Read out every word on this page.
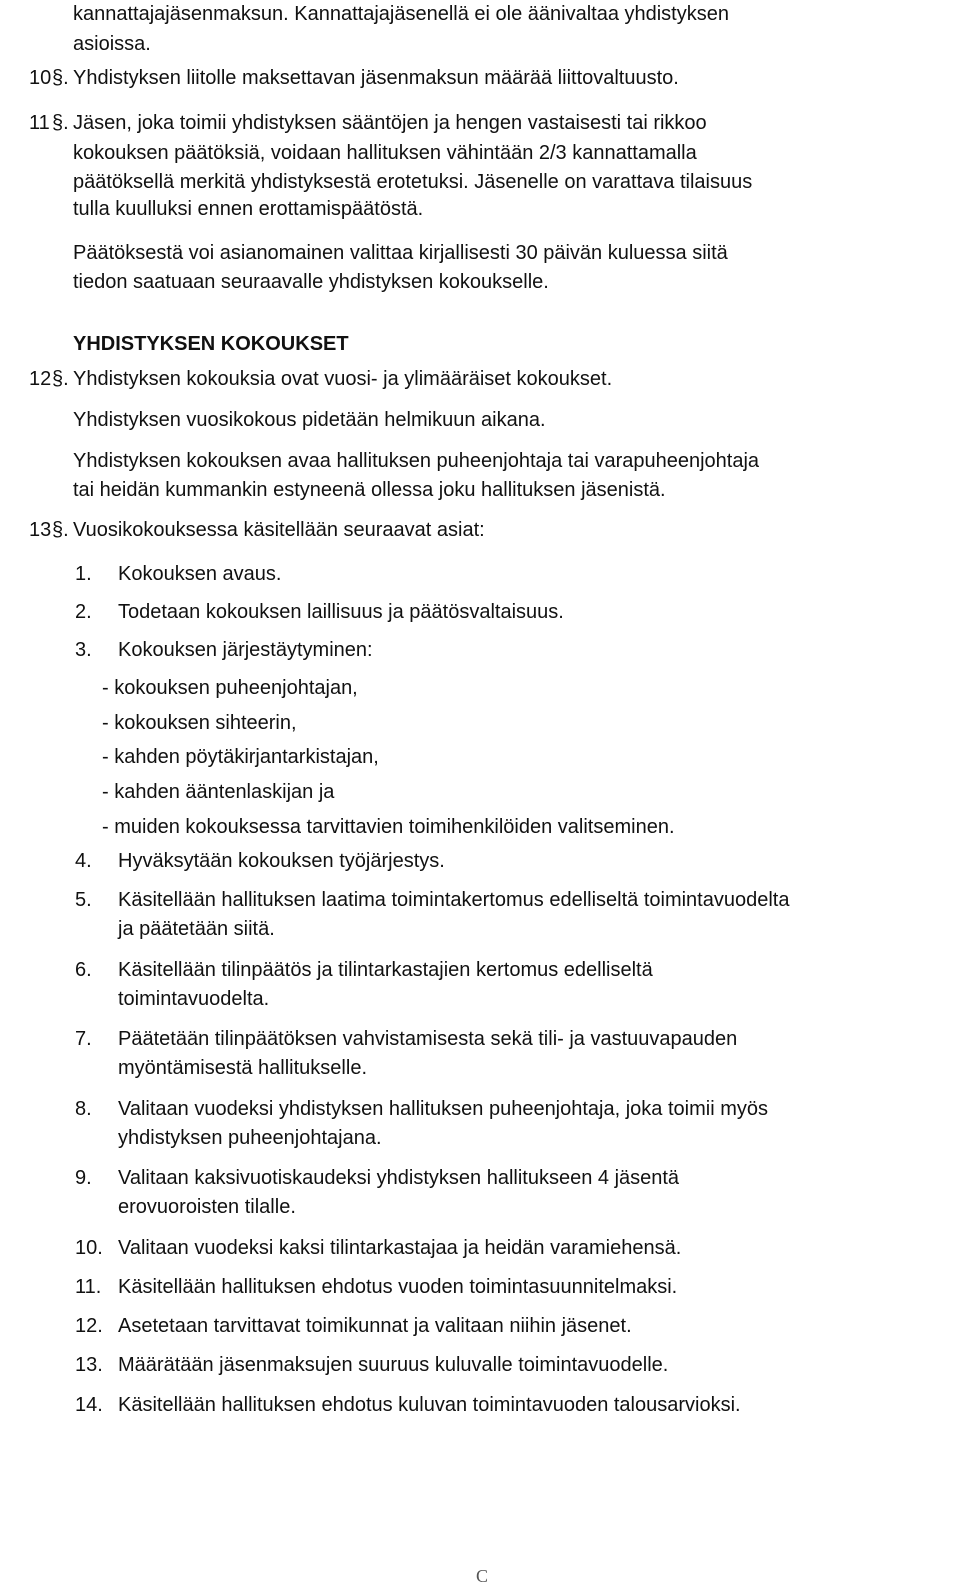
kannattajajäsenmaksun. Kannattajajäsenellä ei ole äänivaltaa yhdistyksen
asioissa.
10 §. Yhdistyksen liitolle maksettavan jäsenmaksun määrää liittovaltuusto.
11 §. Jäsen, joka toimii yhdistyksen sääntöjen ja hengen vastaisesti tai rikkoo
kokouksen päätöksiä, voidaan hallituksen vähintään 2/3 kannattamalla
päätöksellä merkitä yhdistyksestä erotetuksi. Jäsenelle on varattava tilaisuus
tulla kuulluksi ennen erottamispäätöstä.
Päätöksestä voi asianomainen valittaa kirjallisesti 30 päivän kuluessa siitä
tiedon saatuaan seuraavalle yhdistyksen kokoukselle.
YHDISTYKSEN KOKOUKSET
12 §. Yhdistyksen kokouksia ovat vuosi- ja ylimääräiset kokoukset.
Yhdistyksen vuosikokous pidetään helmikuun aikana.
Yhdistyksen kokouksen avaa hallituksen puheenjohtaja tai varapuheenjohtaja
tai heidän kummankin estyneenä ollessa joku hallituksen jäsenistä.
13 §. Vuosikokouksessa käsitellään seuraavat asiat:
1. Kokouksen avaus.
2. Todetaan kokouksen laillisuus ja päätösvaltaisuus.
3. Kokouksen järjestäytyminen:
- kokouksen puheenjohtajan,
- kokouksen sihteerin,
- kahden pöytäkirjantarkistajan,
- kahden ääntenlaskijan ja
- muiden kokouksessa tarvittavien toimihenkilöiden valitseminen.
4. Hyväksytään kokouksen työjärjestys.
5. Käsitellään hallituksen laatima toimintakertomus edelliseltä toimintavuodelta
ja päätetään siitä.
6. Käsitellään tilinpäätös ja tilintarkastajien kertomus edelliseltä
toimintavuodelta.
7. Päätetään tilinpäätöksen vahvistamisesta sekä tili- ja vastuuvapauden
myöntämisestä hallitukselle.
8. Valitaan vuodeksi yhdistyksen hallituksen puheenjohtaja, joka toimii myös
yhdistyksen puheenjohtajana.
9. Valitaan kaksivuotiskaudeksi yhdistyksen hallitukseen 4 jäsentä
erovuoroisten tilalle.
10. Valitaan vuodeksi kaksi tilintarkastajaa ja heidän varamiehensä.
11. Käsitellään hallituksen ehdotus vuoden toimintasuunnitelmaksi.
12. Asetetaan tarvittavat toimikunnat ja valitaan niihin jäsenet.
13. Määrätään jäsenmaksujen suuruus kuluvalle toimintavuodelle.
14. Käsitellään hallituksen ehdotus kuluvan toimintavuoden talousarvioksi.
C
